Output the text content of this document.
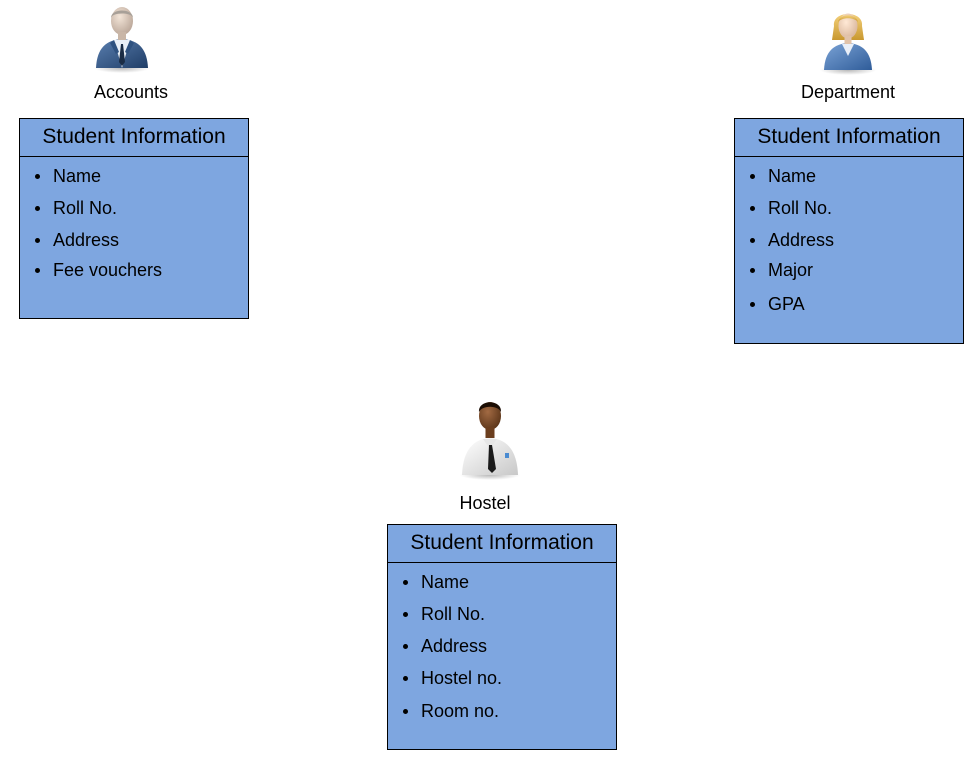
Accounts
Student Information
Name
Roll No.
Address
Fee vouchers
Department
Student Information
Name
Roll No.
Address
Major
GPA
Hostel
Student Information
Name
Roll No.
Address
Hostel no.
Room no.
